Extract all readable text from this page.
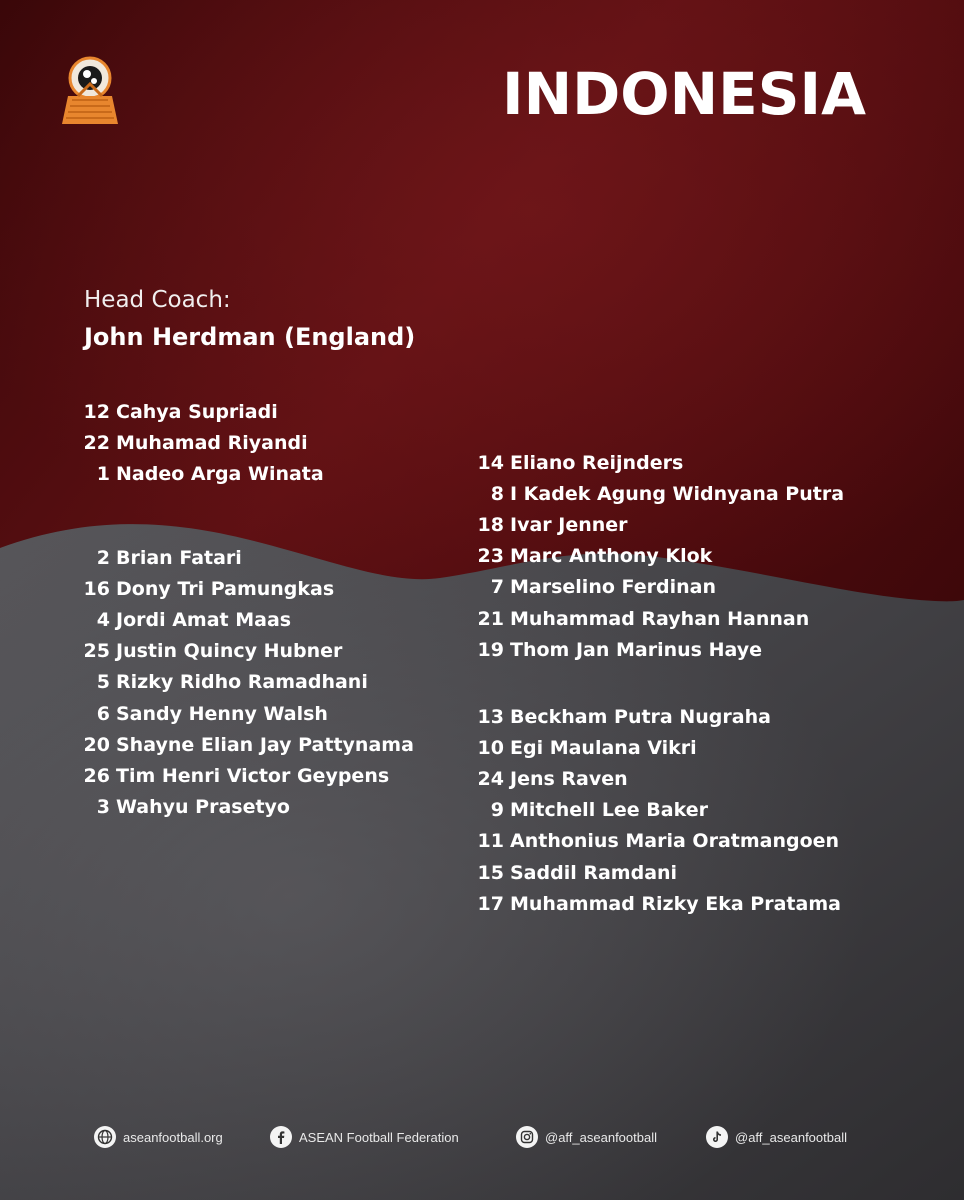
INDONESIA
Head Coach:
John Herdman (England)
12 Cahya Supriadi
22 Muhamad Riyandi
1 Nadeo Arga Winata
2 Brian Fatari
16 Dony Tri Pamungkas
4 Jordi Amat Maas
25 Justin Quincy Hubner
5 Rizky Ridho Ramadhani
6 Sandy Henny Walsh
20 Shayne Elian Jay Pattynama
26 Tim Henri Victor Geypens
3 Wahyu Prasetyo
14 Eliano Reijnders
8 I Kadek Agung Widnyana Putra
18 Ivar Jenner
23 Marc Anthony Klok
7 Marselino Ferdinan
21 Muhammad Rayhan Hannan
19 Thom Jan Marinus Haye
13 Beckham Putra Nugraha
10 Egi Maulana Vikri
24 Jens Raven
9 Mitchell Lee Baker
11 Anthonius Maria Oratmangoen
15 Saddil Ramdani
17 Muhammad Rizky Eka Pratama
aseanfootball.org	ASEAN Football Federation	@aff_aseanfootball	@aff_aseanfootball
